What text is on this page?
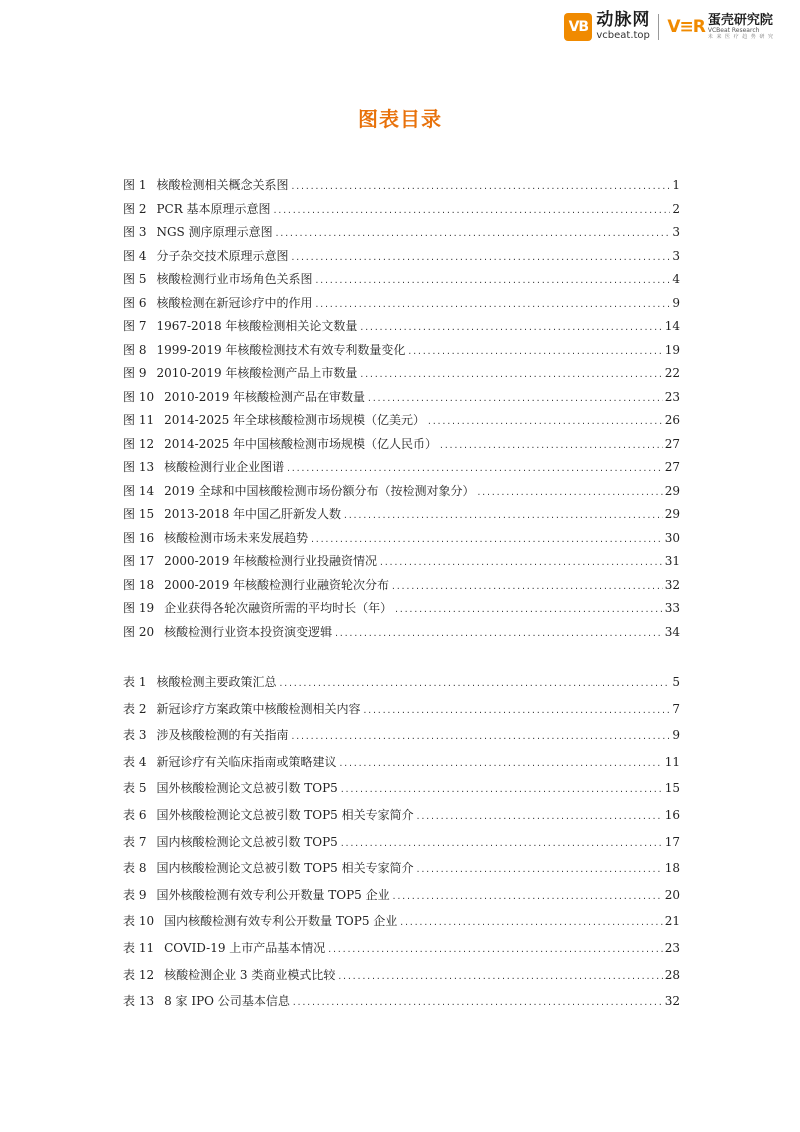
VB 动脉网
vcbeat.top V≡R 蛋壳研究院
VCBeat Research
未 来 医 疗 趋 势 研 究
图表目录
图 1 核酸检测相关概念关系图 .....	1
图 2 PCR 基本原理示意图 .....	2
图 3 NGS 测序原理示意图 .....	3
图 4 分子杂交技术原理示意图 .....	3
图 5 核酸检测行业市场角色关系图 .....	4
图 6 核酸检测在新冠诊疗中的作用 .....	9
图 7 1967-2018 年核酸检测相关论文数量 .....	14
图 8 1999-2019 年核酸检测技术有效专利数量变化 .....	19
图 9 2010-2019 年核酸检测产品上市数量 .....	22
图 10 2010-2019 年核酸检测产品在审数量 .....	23
图 11 2014-2025 年全球核酸检测市场规模（亿美元） .....	26
图 12 2014-2025 年中国核酸检测市场规模（亿人民币） .....	27
图 13 核酸检测行业企业图谱 .....	27
图 14 2019 全球和中国核酸检测市场份额分布（按检测对象分） .....	29
图 15 2013-2018 年中国乙肝新发人数 .....	29
图 16 核酸检测市场未来发展趋势 .....	30
图 17 2000-2019 年核酸检测行业投融资情况 .....	31
图 18 2000-2019 年核酸检测行业融资轮次分布 .....	32
图 19 企业获得各轮次融资所需的平均时长（年） .....	33
图 20 核酸检测行业资本投资演变逻辑 .....	34
表 1 核酸检测主要政策汇总 .....	5
表 2 新冠诊疗方案政策中核酸检测相关内容 .....	7
表 3 涉及核酸检测的有关指南 .....	9
表 4 新冠诊疗有关临床指南或策略建议 .....	11
表 5 国外核酸检测论文总被引数 TOP5 .....	15
表 6 国外核酸检测论文总被引数 TOP5 相关专家简介 .....	16
表 7 国内核酸检测论文总被引数 TOP5 .....	17
表 8 国内核酸检测论文总被引数 TOP5 相关专家简介 .....	18
表 9 国外核酸检测有效专利公开数量 TOP5 企业 .....	20
表 10 国内核酸检测有效专利公开数量 TOP5 企业 .....	21
表 11 COVID-19 上市产品基本情况 .....	23
表 12 核酸检测企业 3 类商业模式比较 .....	28
表 13 8 家 IPO 公司基本信息 .....	32
